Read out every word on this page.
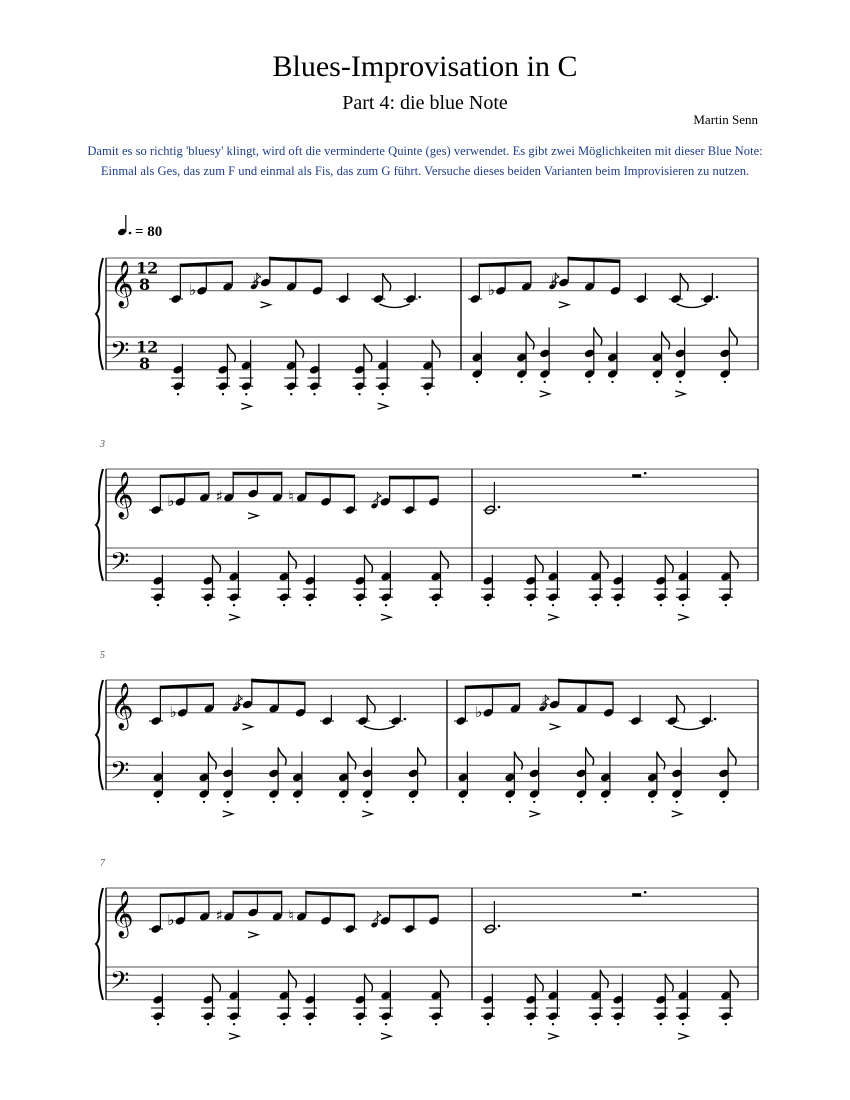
Blues-Improvisation in C
Part 4: die blue Note
Martin Senn
Damit es so richtig 'bluesy' klingt, wird oft die verminderte Quinte (ges) verwendet. Es gibt zwei Möglichkeiten mit dieser Blue Note: Einmal als Ges, das zum F und einmal als Fis, das zum G führt. Versuche dieses beiden Varianten beim Improvisieren zu nutzen.
𝄞
𝄢
12
8
12
8
= 80
♭	♭	♭	♭
𝄞
𝄢
3
♭	♯	♮
𝄞
𝄢
5
♭	♭	♭	♭
𝄞
𝄢
7
♭	♯	♮
